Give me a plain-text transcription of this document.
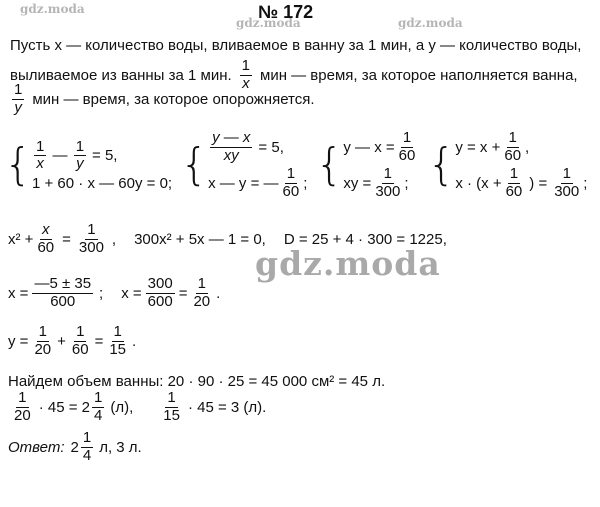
gdz.moda
gdz.moda	gdz.moda
gdz.moda
№ 172
Пусть x — количество воды, вливаемое в ванну за 1 мин, а y — количество воды,
выливаемое из ванны за 1 мин. $\frac{1}{x}$ мин — время, за которое наполняется ванна,
$\frac{1}{y}$ мин — время, за которое опорожняется.
{ $\frac{1}{x}$ — $\frac{1}{y} = 5$,
1 + 60 · x — 60y = 0; { $\frac{y — x}{xy} = 5$,
x — y = — $\frac{1}{60}$ ; { y — $x = \frac{1}{60}$
xy = $\frac{1}{300}$ ; { $y = x + \frac{1}{60}$ ,
$x \cdot (x + \frac{1}{60}$ ) = $\frac{1}{300}$ ;
$x^2 + \frac{x}{60} = \frac{1}{300}$ , 300x² + 5x — 1 = 0, D = 25 + 4 · 300 = 1225,
$x = \frac{—5 \pm 35}{600}$ ; $x = \frac{300}{600} = \frac{1}{20}$ .
$y = \frac{1}{20} + \frac{1}{60} = \frac{1}{15}$ .
Найдем объем ванны: 20 · 90 · 25 = 45 000 см² = 45 л.
$\frac{1}{20} \cdot 45 = 2 \frac{1}{4} (л)$, $\frac{1}{15} \cdot 45 = 3$ (л).
Ответ: $2 \frac{1}{4} л$, 3 л.
